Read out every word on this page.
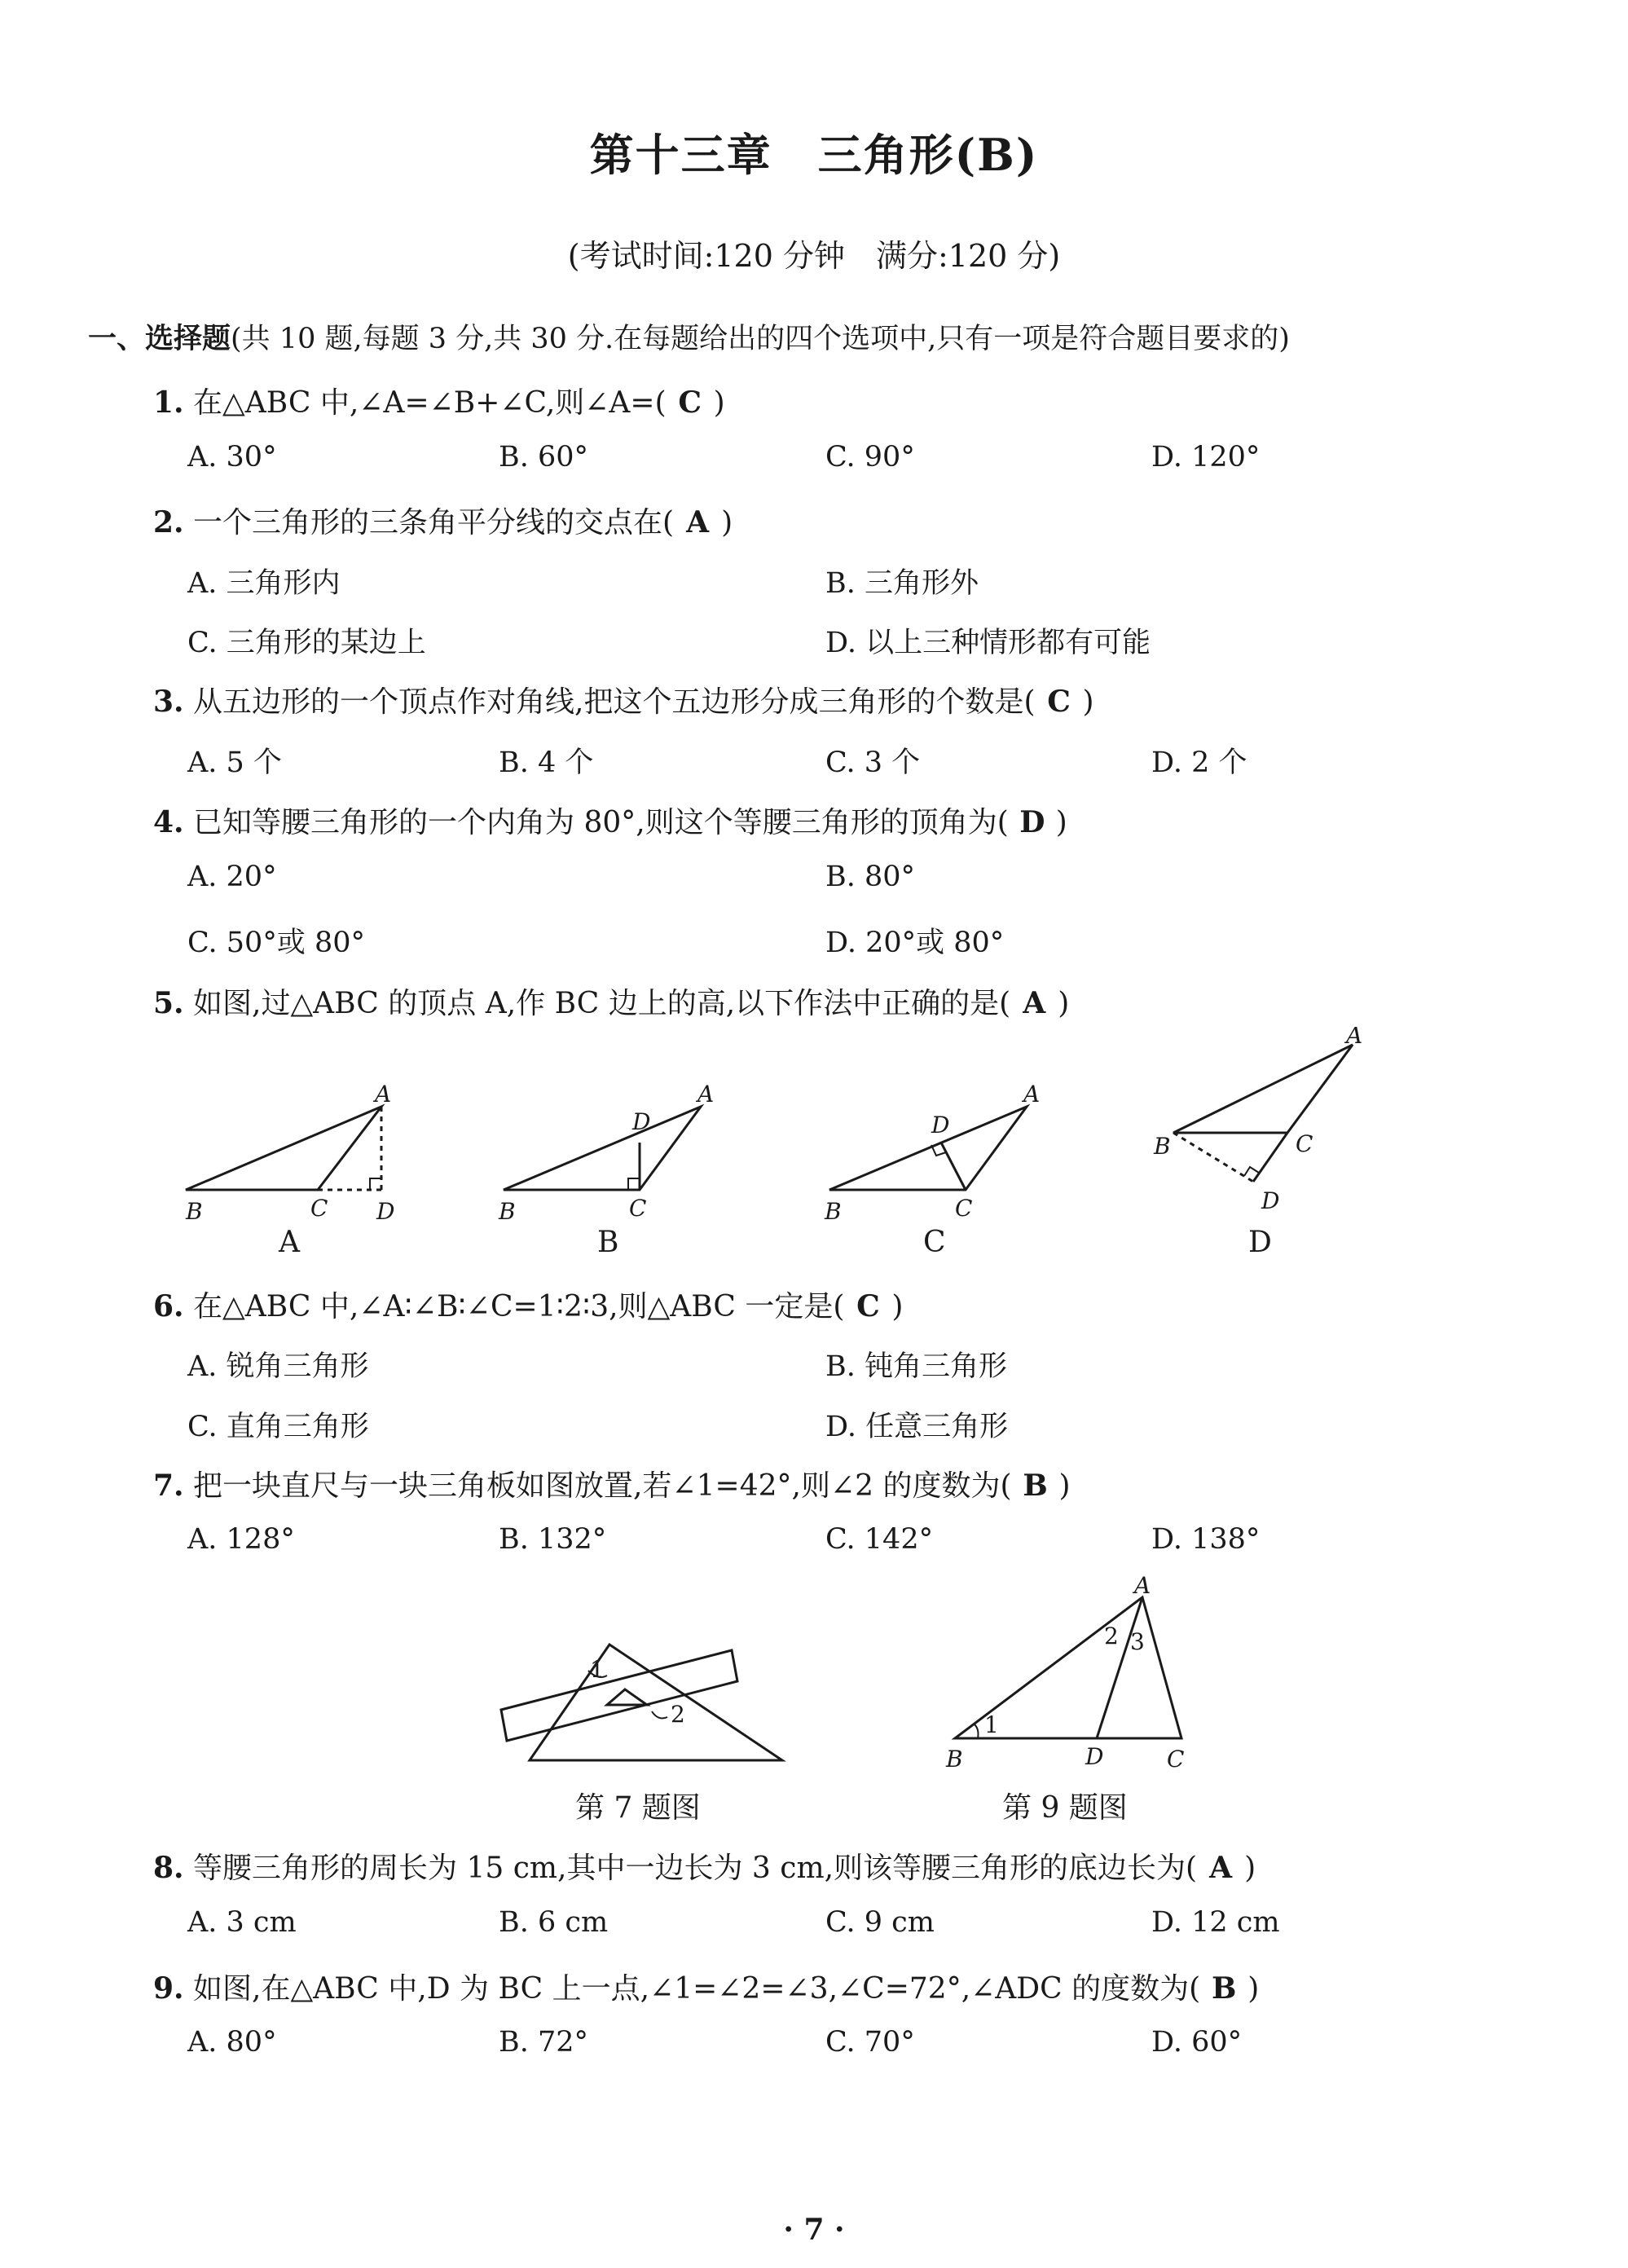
第十三章　三角形(B)
(考试时间:120 分钟　满分:120 分)
一、选择题(共 10 题,每题 3 分,共 30 分.在每题给出的四个选项中,只有一项是符合题目要求的)
1. 在△ABC 中,∠A=∠B+∠C,则∠A=( C )
A. 30°	B. 60°	C. 90°	D. 120°
2. 一个三角形的三条角平分线的交点在( A )
A. 三角形内	B. 三角形外
C. 三角形的某边上	D. 以上三种情形都有可能
3. 从五边形的一个顶点作对角线,把这个五边形分成三角形的个数是( C )
A. 5 个	B. 4 个	C. 3 个	D. 2 个
4. 已知等腰三角形的一个内角为 80°,则这个等腰三角形的顶角为( D )
A. 20°	B. 80°
C. 50°或 80°	D. 20°或 80°
5. 如图,过△ABC 的顶点 A,作 BC 边上的高,以下作法中正确的是( A )
A
B	C D
A
B	C
D
A
B	C
D
A
B	C
D
A	B	C	D
6. 在△ABC 中,∠A∶∠B∶∠C=1∶2∶3,则△ABC 一定是( C )
A. 锐角三角形	B. 钝角三角形
C. 直角三角形	D. 任意三角形
7. 把一块直尺与一块三角板如图放置,若∠1=42°,则∠2 的度数为( B )
A. 128°	B. 132°	C. 142°	D. 138°
1
2
A
B	D	C
1
2 3
第 7 题图	第 9 题图
8. 等腰三角形的周长为 15 cm,其中一边长为 3 cm,则该等腰三角形的底边长为( A )
A. 3 cm	B. 6 cm	C. 9 cm	D. 12 cm
9. 如图,在△ABC 中,D 为 BC 上一点,∠1=∠2=∠3,∠C=72°,∠ADC 的度数为( B )
A. 80°	B. 72°	C. 70°	D. 60°
· 7 ·
